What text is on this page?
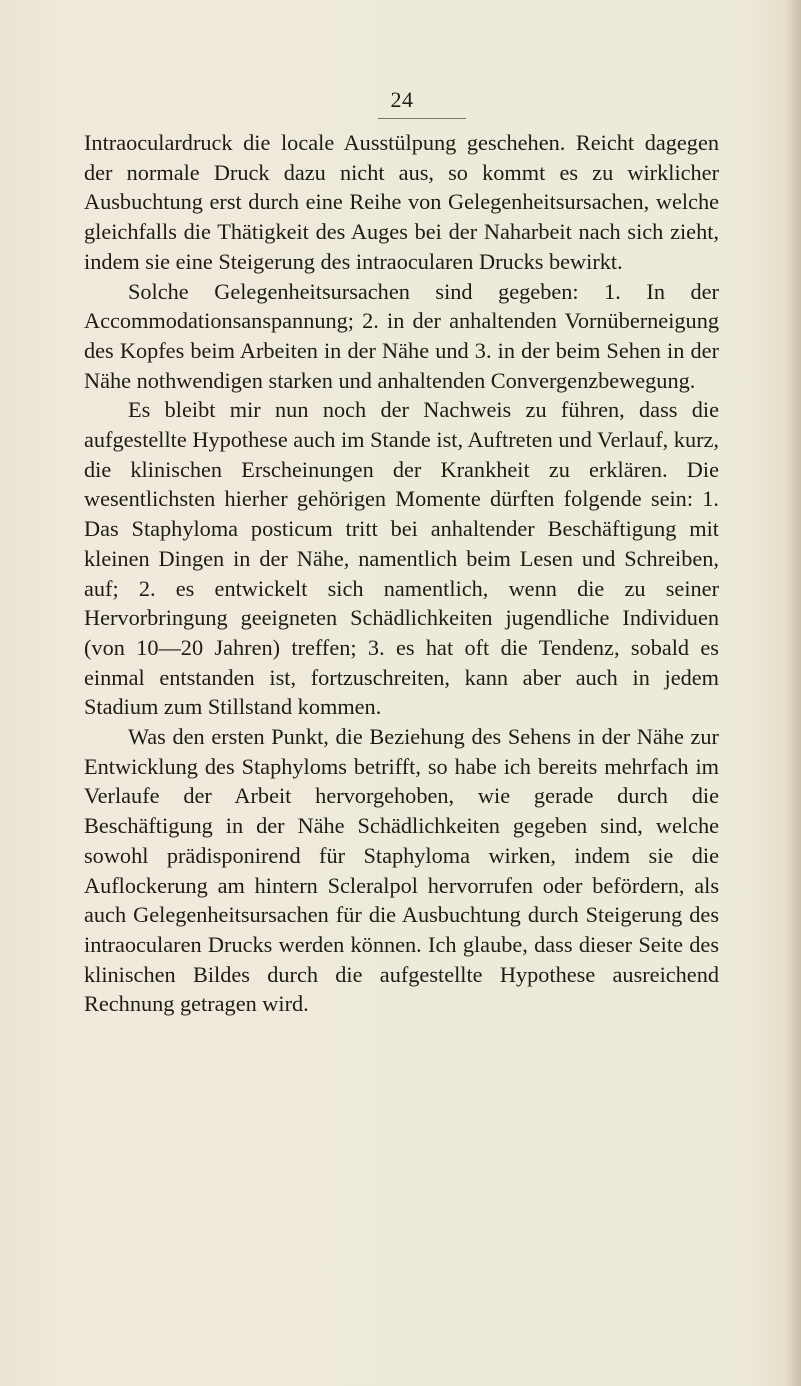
24

Intraoculardruck die locale Ausstülpung geschehen. Reicht dagegen der normale Druck dazu nicht aus, so kommt es zu wirklicher Ausbuchtung erst durch eine Reihe von Gelegenheitsursachen, welche gleichfalls die Thätigkeit des Auges bei der Naharbeit nach sich zieht, indem sie eine Steigerung des intraocularen Drucks bewirkt.

Solche Gelegenheitsursachen sind gegeben: 1. In der Accommodationsanspannung; 2. in der anhaltenden Vornüberneigung des Kopfes beim Arbeiten in der Nähe und 3. in der beim Sehen in der Nähe nothwendigen starken und anhaltenden Convergenzbewegung.

Es bleibt mir nun noch der Nachweis zu führen, dass die aufgestellte Hypothese auch im Stande ist, Auftreten und Verlauf, kurz, die klinischen Erscheinungen der Krankheit zu erklären. Die wesentlichsten hierher gehörigen Momente dürften folgende sein: 1. Das Staphyloma posticum tritt bei anhaltender Beschäftigung mit kleinen Dingen in der Nähe, namentlich beim Lesen und Schreiben, auf; 2. es entwickelt sich namentlich, wenn die zu seiner Hervorbringung geeigneten Schädlichkeiten jugendliche Individuen (von 10—20 Jahren) treffen; 3. es hat oft die Tendenz, sobald es einmal entstanden ist, fortzuschreiten, kann aber auch in jedem Stadium zum Stillstand kommen.

Was den ersten Punkt, die Beziehung des Sehens in der Nähe zur Entwicklung des Staphyloms betrifft, so habe ich bereits mehrfach im Verlaufe der Arbeit hervorgehoben, wie gerade durch die Beschäftigung in der Nähe Schädlichkeiten gegeben sind, welche sowohl prädisponirend für Staphyloma wirken, indem sie die Auflockerung am hintern Scleralpol hervorrufen oder befördern, als auch Gelegenheitsursachen für die Ausbuchtung durch Steigerung des intraocularen Drucks werden können. Ich glaube, dass dieser Seite des klinischen Bildes durch die aufgestellte Hypothese ausreichend Rechnung getragen wird.
